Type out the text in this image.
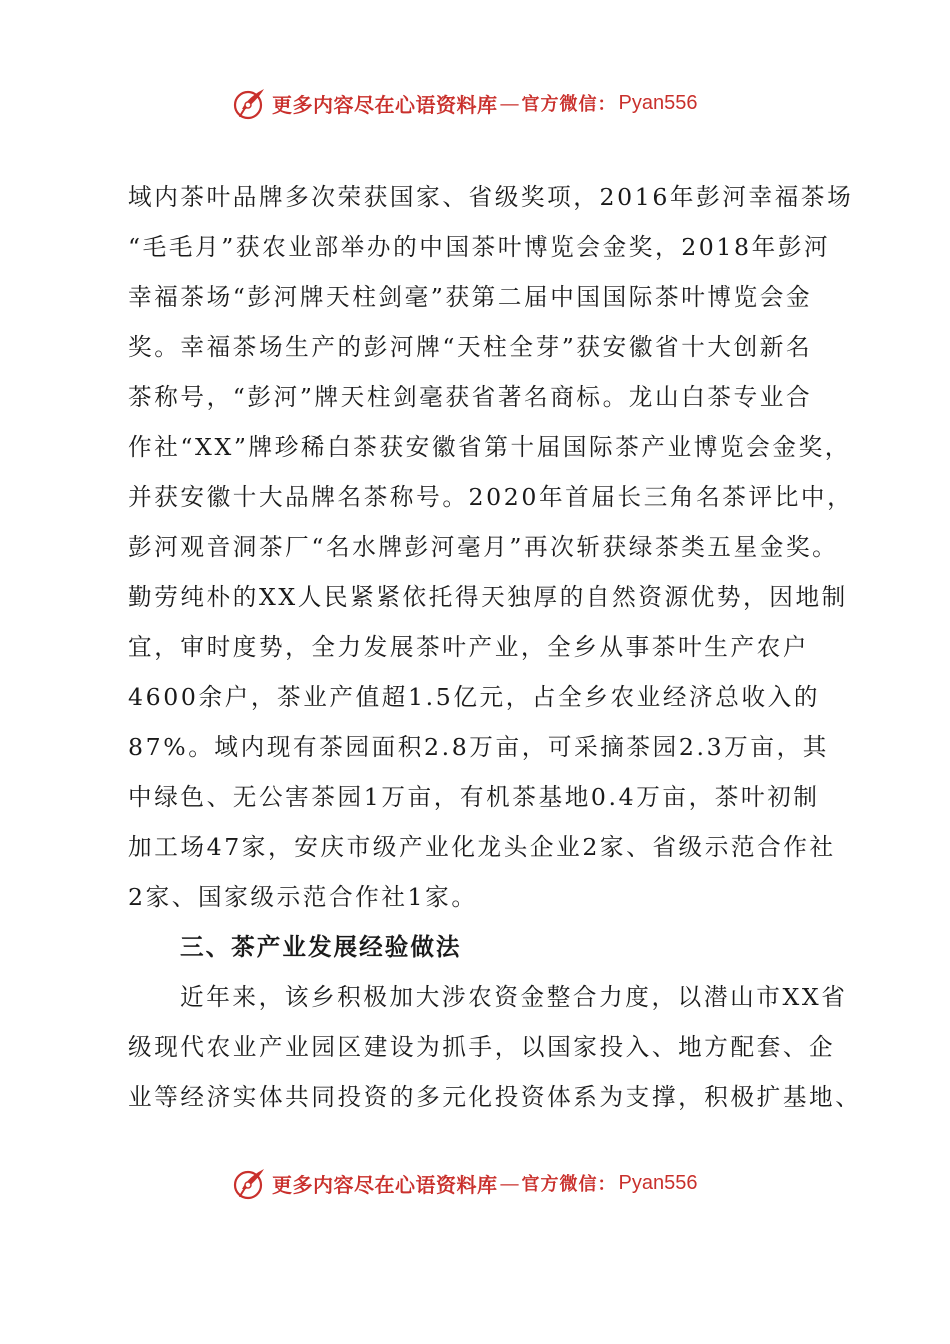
更多内容尽在心语资料库 — 官方微信： Pyan556

域内茶叶品牌多次荣获国家、省级奖项，2016年彭河幸福茶场
“毛毛月”获农业部举办的中国茶叶博览会金奖，2018年彭河
幸福茶场“彭河牌天柱剑毫”获第二届中国国际茶叶博览会金
奖。幸福茶场生产的彭河牌“天柱全芽”获安徽省十大创新名
茶称号，“彭河”牌天柱剑毫获省著名商标。龙山白茶专业合
作社“XX”牌珍稀白茶获安徽省第十届国际茶产业博览会金奖，
并获安徽十大品牌名茶称号。2020年首届长三角名茶评比中，
彭河观音洞茶厂“名水牌彭河毫月”再次斩获绿茶类五星金奖。
勤劳纯朴的XX人民紧紧依托得天独厚的自然资源优势，因地制
宜，审时度势，全力发展茶叶产业，全乡从事茶叶生产农户
4600余户，茶业产值超1.5亿元，占全乡农业经济总收入的
87%。域内现有茶园面积2.8万亩，可采摘茶园2.3万亩，其
中绿色、无公害茶园1万亩，有机茶基地0.4万亩，茶叶初制
加工场47家，安庆市级产业化龙头企业2家、省级示范合作社
2家、国家级示范合作社1家。

三、茶产业发展经验做法

近年来，该乡积极加大涉农资金整合力度，以潜山市XX省
级现代农业产业园区建设为抓手，以国家投入、地方配套、企
业等经济实体共同投资的多元化投资体系为支撑，积极扩基地、

更多内容尽在心语资料库 — 官方微信： Pyan556
